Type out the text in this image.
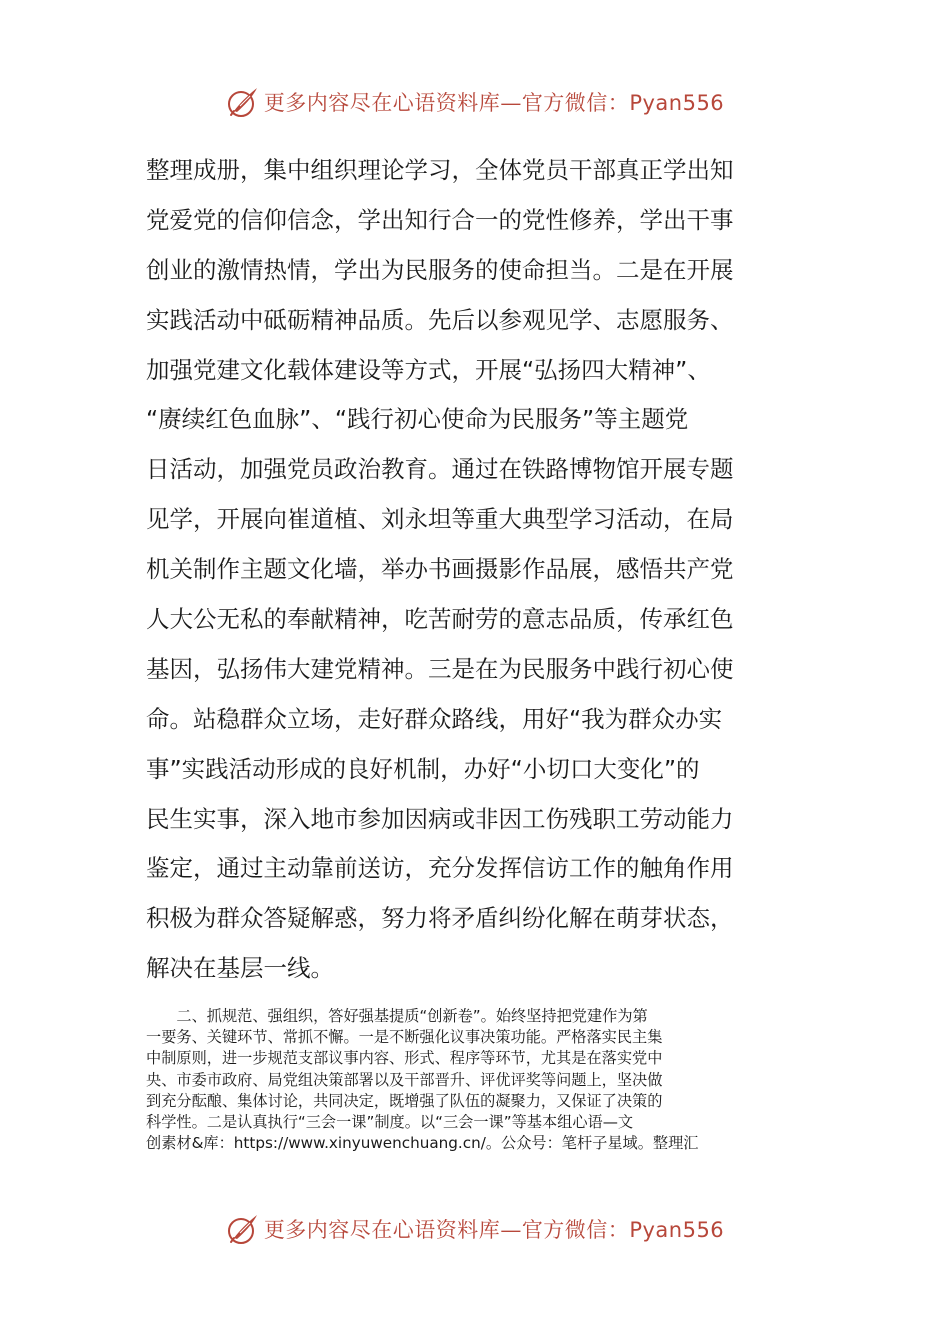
更多内容尽在心语资料库—官方微信：Pyan556
整理成册，集中组织理论学习，全体党员干部真正学出知
党爱党的信仰信念，学出知行合一的党性修养，学出干事
创业的激情热情，学出为民服务的使命担当。二是在开展
实践活动中砥砺精神品质。先后以参观见学、志愿服务、
加强党建文化载体建设等方式，开展“弘扬四大精神”、
“赓续红色血脉”、“践行初心使命为民服务”等主题党
日活动，加强党员政治教育。通过在铁路博物馆开展专题
见学，开展向崔道植、刘永坦等重大典型学习活动，在局
机关制作主题文化墙，举办书画摄影作品展，感悟共产党
人大公无私的奉献精神，吃苦耐劳的意志品质，传承红色
基因，弘扬伟大建党精神。三是在为民服务中践行初心使
命。站稳群众立场，走好群众路线，用好“我为群众办实
事”实践活动形成的良好机制，办好“小切口大变化”的
民生实事，深入地市参加因病或非因工伤残职工劳动能力
鉴定，通过主动靠前送访，充分发挥信访工作的触角作用
积极为群众答疑解惑，努力将矛盾纠纷化解在萌芽状态，
解决在基层一线。
　　二、抓规范、强组织，答好强基提质“创新卷”。始终坚持把党建作为第
一要务、关键环节、常抓不懈。一是不断强化议事决策功能。严格落实民主集
中制原则，进一步规范支部议事内容、形式、程序等环节，尤其是在落实党中
央、市委市政府、局党组决策部署以及干部晋升、评优评奖等问题上，坚决做
到充分酝酿、集体讨论，共同决定，既增强了队伍的凝聚力，又保证了决策的
科学性。二是认真执行“三会一课”制度。以“三会一课”等基本组心语—文
创素材&库：https://www.xinyuwenchuang.cn/。公众号：笔杆子星域。整理汇
更多内容尽在心语资料库—官方微信：Pyan556
